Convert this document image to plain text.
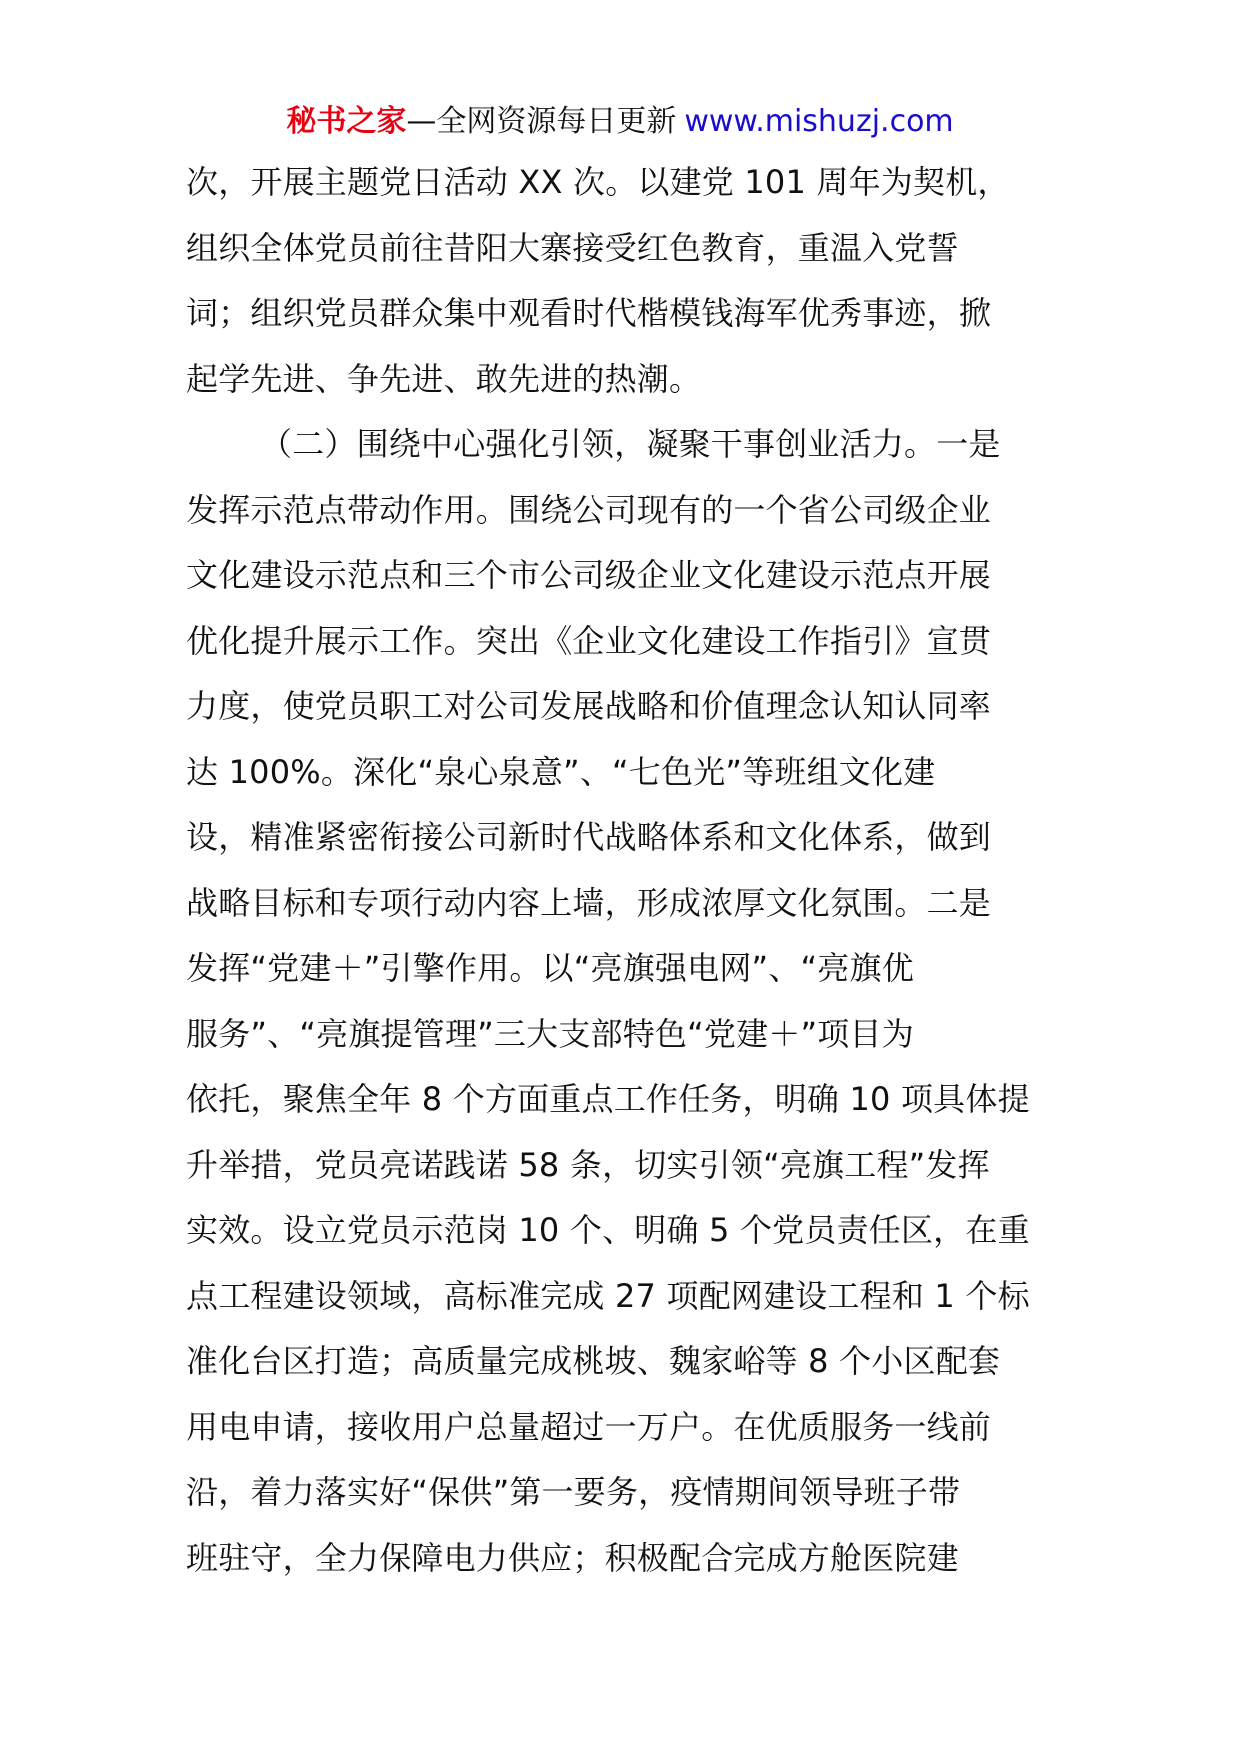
秘书之家—全网资源每日更新 www.mishuzj.com
次，开展主题党日活动 XX 次。以建党 101 周年为契机，
组织全体党员前往昔阳大寨接受红色教育，重温入党誓
词；组织党员群众集中观看时代楷模钱海军优秀事迹，掀
起学先进、争先进、敢先进的热潮。
（二）围绕中心强化引领，凝聚干事创业活力。一是
发挥示范点带动作用。围绕公司现有的一个省公司级企业
文化建设示范点和三个市公司级企业文化建设示范点开展
优化提升展示工作。突出《企业文化建设工作指引》宣贯
力度，使党员职工对公司发展战略和价值理念认知认同率
达 100%。深化“泉心泉意”、“七色光”等班组文化建
设，精准紧密衔接公司新时代战略体系和文化体系，做到
战略目标和专项行动内容上墙，形成浓厚文化氛围。二是
发挥“党建＋”引擎作用。以“亮旗强电网”、“亮旗优
服务”、“亮旗提管理”三大支部特色“党建＋”项目为
依托，聚焦全年 8 个方面重点工作任务，明确 10 项具体提
升举措，党员亮诺践诺 58 条，切实引领“亮旗工程”发挥
实效。设立党员示范岗 10 个、明确 5 个党员责任区，在重
点工程建设领域，高标准完成 27 项配网建设工程和 1 个标
准化台区打造；高质量完成桃坡、魏家峪等 8 个小区配套
用电申请，接收用户总量超过一万户。在优质服务一线前
沿，着力落实好“保供”第一要务，疫情期间领导班子带
班驻守，全力保障电力供应；积极配合完成方舱医院建
